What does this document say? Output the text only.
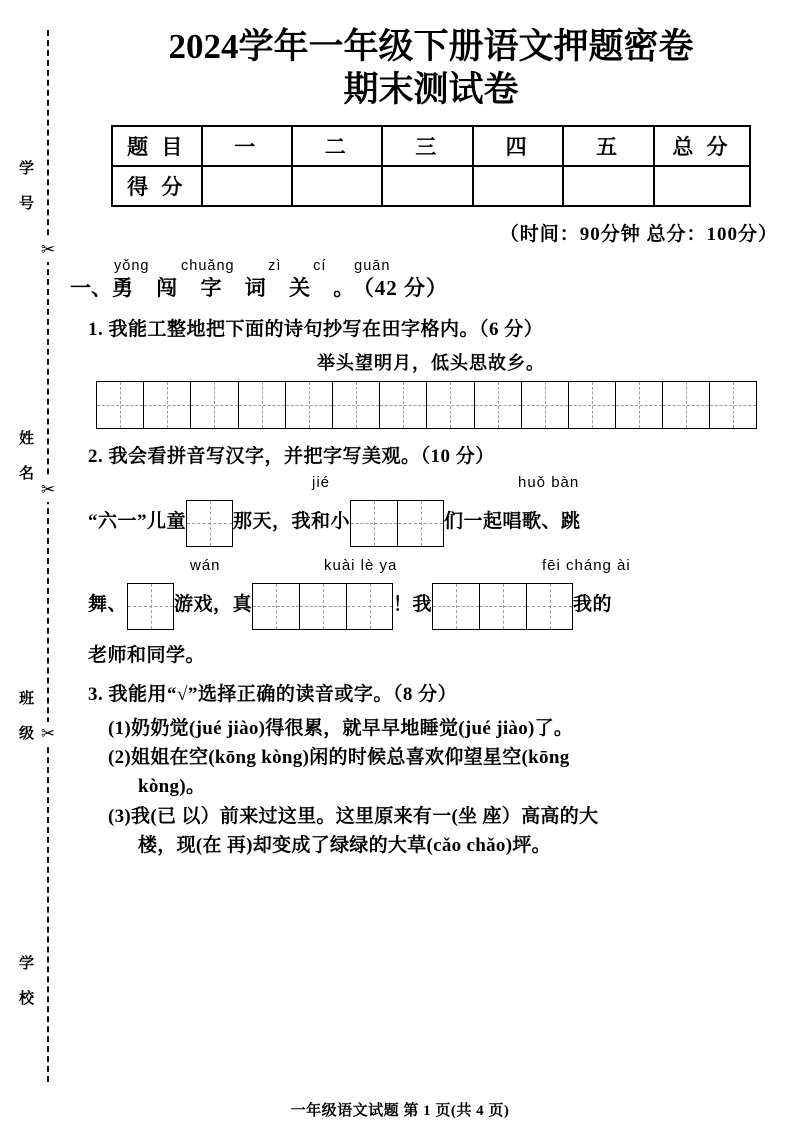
学 号
姓 名
班 级
学 校
✂
✂
✂
2024学年一年级下册语文押题密卷
期末测试卷
题 目	一	二	三	四	五	总 分
得 分						
（时间：90分钟 总分：100分）
yǒng chuǎng zì cí guān
一、勇 闯 字 词 关 。（42 分）
1. 我能工整地把下面的诗句抄写在田字格内。（6 分）
举头望明月，低头思故乡。
2. 我会看拼音写汉字，并把字写美观。（10 分）
jié	huǒ bàn
“六一”儿童 那天，我和小	们一起唱歌、跳
wán	kuài lè ya	fēi cháng ài
舞、 游戏，真	！我	我的
老师和同学。
3. 我能用“√”选择正确的读音或字。（8 分）
(1)奶奶觉(jué jiào)得很累，就早早地睡觉(jué jiào)了。
(2)姐姐在空(kōng kòng)闲的时候总喜欢仰望星空(kōng
kòng)。
(3)我(已 以）前来过这里。这里原来有一(坐 座）高高的大
楼，现(在 再)却变成了绿绿的大草(cǎo chǎo)坪。
一年级语文试题 第 1 页(共 4 页)
